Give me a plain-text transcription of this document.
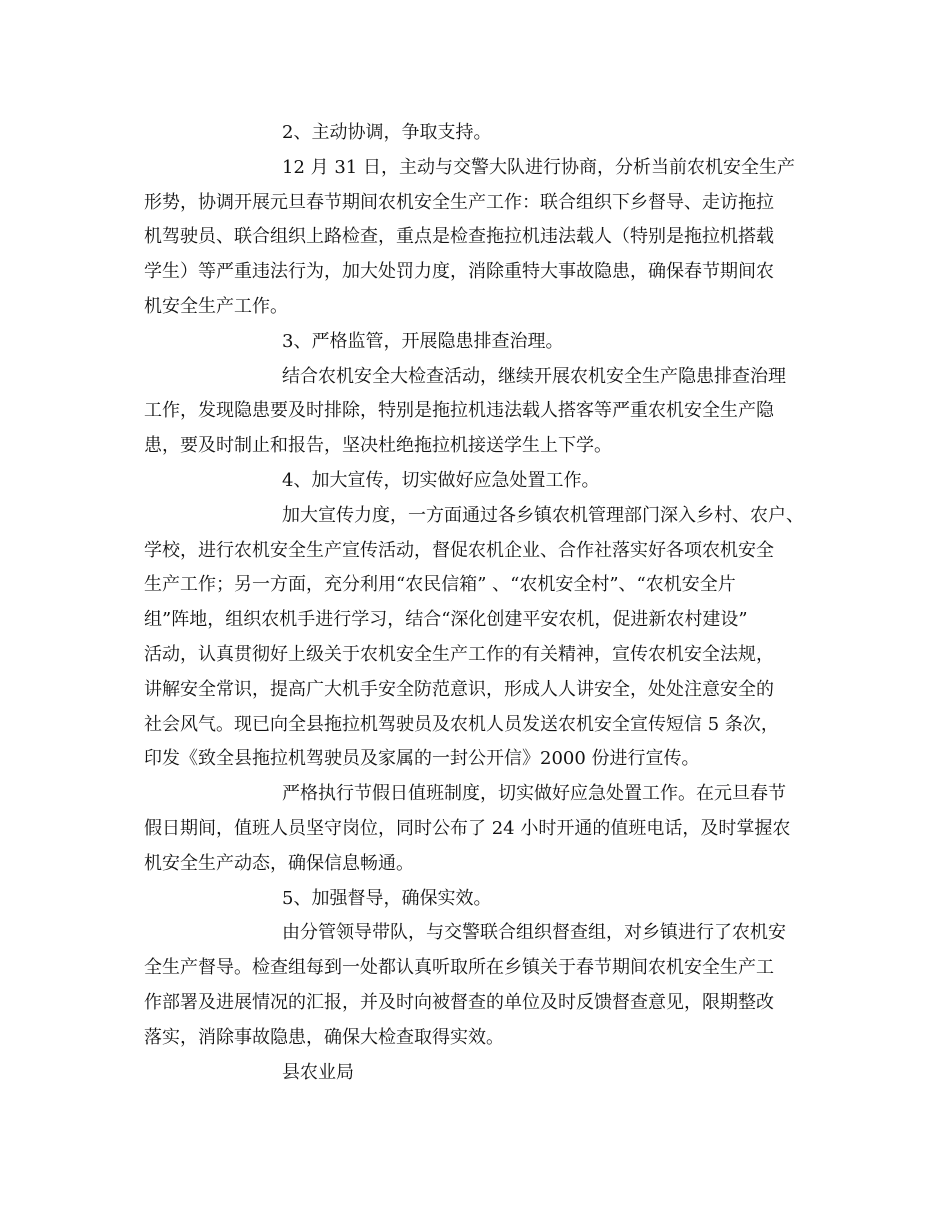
2、主动协调，争取支持。
12 月 31 日，主动与交警大队进行协商，分析当前农机安全生产
形势，协调开展元旦春节期间农机安全生产工作：联合组织下乡督导、走访拖拉
机驾驶员、联合组织上路检查，重点是检查拖拉机违法载人（特别是拖拉机搭载
学生）等严重违法行为，加大处罚力度，消除重特大事故隐患，确保春节期间农
机安全生产工作。
3、严格监管，开展隐患排查治理。
结合农机安全大检查活动，继续开展农机安全生产隐患排查治理
工作，发现隐患要及时排除，特别是拖拉机违法载人搭客等严重农机安全生产隐
患，要及时制止和报告，坚决杜绝拖拉机接送学生上下学。
4、加大宣传，切实做好应急处置工作。
加大宣传力度，一方面通过各乡镇农机管理部门深入乡村、农户、
学校，进行农机安全生产宣传活动，督促农机企业、合作社落实好各项农机安全
生产工作；另一方面，充分利用“农民信箱” 、“农机安全村”、“农机安全片
组”阵地，组织农机手进行学习，结合“深化创建平安农机，促进新农村建设”
活动，认真贯彻好上级关于农机安全生产工作的有关精神，宣传农机安全法规，
讲解安全常识，提高广大机手安全防范意识，形成人人讲安全，处处注意安全的
社会风气。现已向全县拖拉机驾驶员及农机人员发送农机安全宣传短信 5 条次，
印发《致全县拖拉机驾驶员及家属的一封公开信》2000 份进行宣传。
严格执行节假日值班制度，切实做好应急处置工作。在元旦春节
假日期间，值班人员坚守岗位，同时公布了 24 小时开通的值班电话，及时掌握农
机安全生产动态，确保信息畅通。
5、加强督导，确保实效。
由分管领导带队，与交警联合组织督查组，对乡镇进行了农机安
全生产督导。检查组每到一处都认真听取所在乡镇关于春节期间农机安全生产工
作部署及进展情况的汇报，并及时向被督查的单位及时反馈督查意见，限期整改
落实，消除事故隐患，确保大检查取得实效。
县农业局
